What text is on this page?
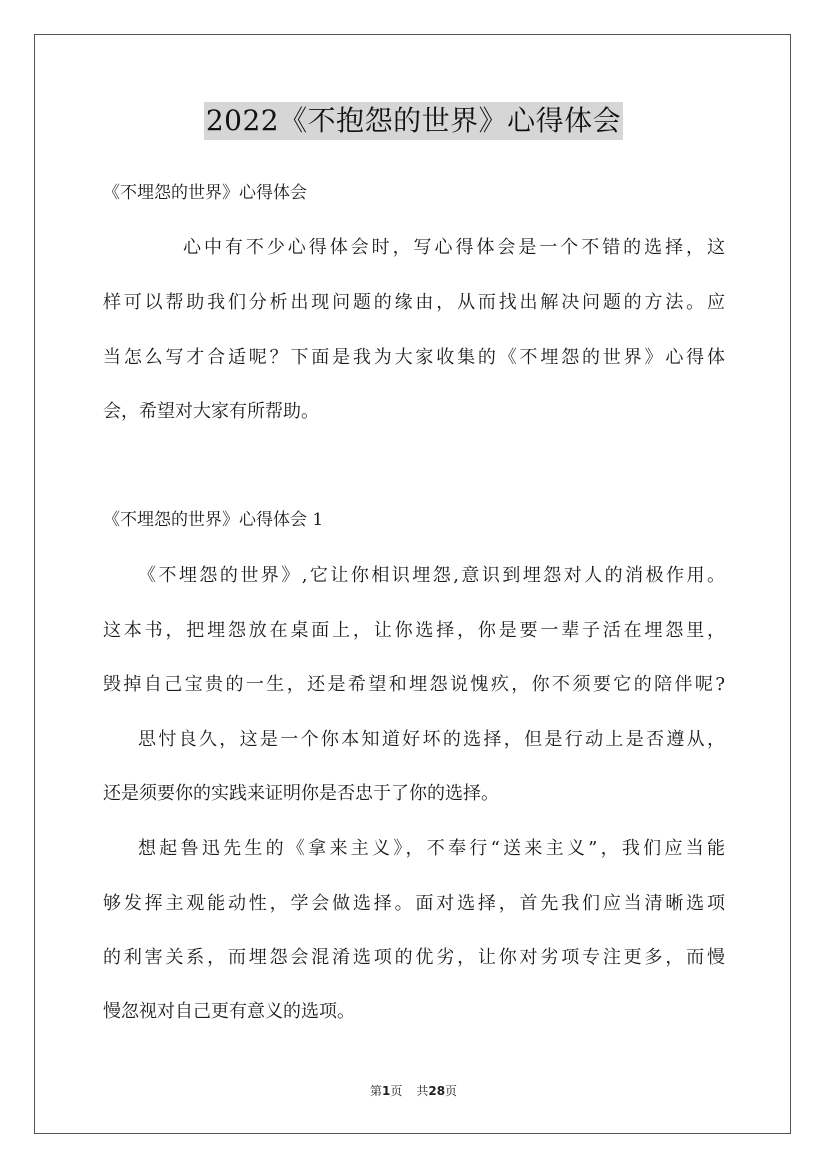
2022《不抱怨的世界》心得体会
《不埋怨的世界》心得体会
心中有不少心得体会时，写心得体会是一个不错的选择，这
样可以帮助我们分析出现问题的缘由，从而找出解决问题的方法。应
当怎么写才合适呢？下面是我为大家收集的《不埋怨的世界》心得体
会，希望对大家有所帮助。
《不埋怨的世界》心得体会 1
《不埋怨的世界》,它让你相识埋怨,意识到埋怨对人的消极作用。
这本书，把埋怨放在桌面上，让你选择，你是要一辈子活在埋怨里，
毁掉自己宝贵的一生，还是希望和埋怨说愧疚，你不须要它的陪伴呢?
思忖良久，这是一个你本知道好坏的选择，但是行动上是否遵从，
还是须要你的实践来证明你是否忠于了你的选择。
想起鲁迅先生的《拿来主义》，不奉行“送来主义”，我们应当能
够发挥主观能动性，学会做选择。面对选择，首先我们应当清晰选项
的利害关系，而埋怨会混淆选项的优劣，让你对劣项专注更多，而慢
慢忽视对自己更有意义的选项。
第1页 共28页
